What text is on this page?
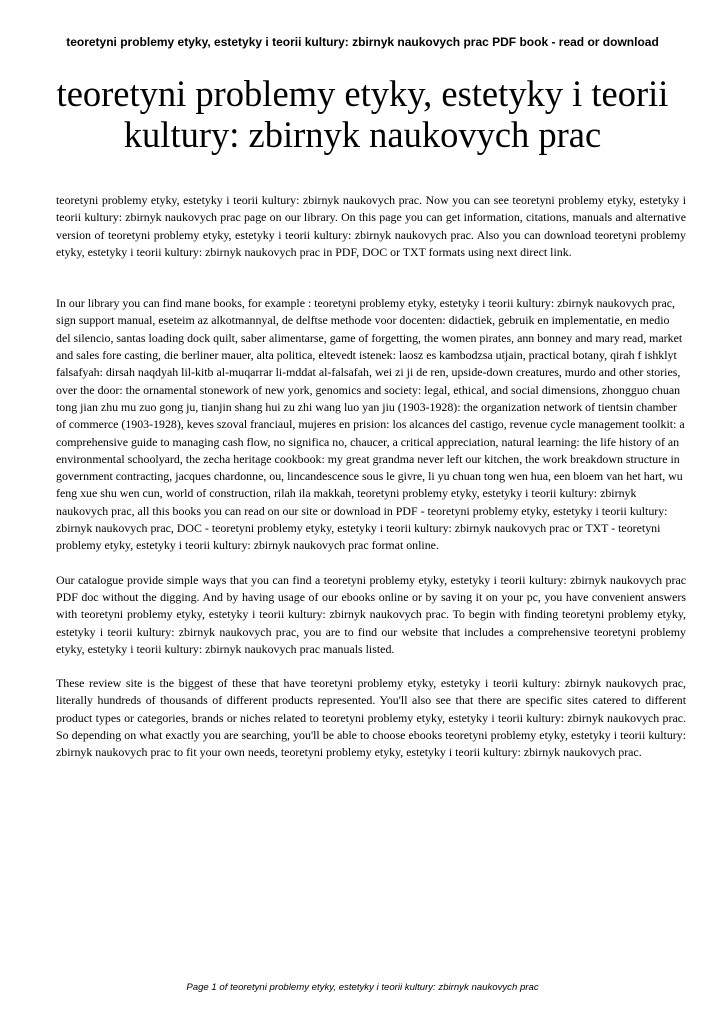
teoretyni problemy etyky, estetyky i teorii kultury: zbirnyk naukovych prac PDF book - read or download
teoretyni problemy etyky, estetyky i teorii kultury: zbirnyk naukovych prac

teoretyni problemy etyky, estetyky i teorii kultury: zbirnyk naukovych prac. Now you can see teoretyni problemy etyky, estetyky i teorii kultury: zbirnyk naukovych prac page on our library. On this page you can get information, citations, manuals and alternative version of teoretyni problemy etyky, estetyky i teorii kultury: zbirnyk naukovych prac. Also you can download teoretyni problemy etyky, estetyky i teorii kultury: zbirnyk naukovych prac in PDF, DOC or TXT formats using next direct link.

In our library you can find mane books, for example : teoretyni problemy etyky, estetyky i teorii kultury: zbirnyk naukovych prac, sign support manual, eseteim az alkotmannyal, de delftse methode voor docenten: didactiek, gebruik en implementatie, en medio del silencio, santas loading dock quilt, saber alimentarse, game of forgetting, the women pirates, ann bonney and mary read, market and sales fore casting, die berliner mauer, alta politica, eltevedt istenek: laosz es kambodzsa utjain, practical botany, qirah f ishklyt falsafyah: dirsah naqdyah lil-kitb al-muqarrar li-mddat al-falsafah, wei zi ji de ren, upside-down creatures, murdo and other stories, over the door: the ornamental stonework of new york, genomics and society: legal, ethical, and social dimensions, zhongguo chuan tong jian zhu mu zuo gong ju, tianjin shang hui zu zhi wang luo yan jiu (1903-1928): the organization network of tientsin chamber of commerce (1903-1928), keves szoval franciaul, mujeres en prision: los alcances del castigo, revenue cycle management toolkit: a comprehensive guide to managing cash flow, no significa no, chaucer, a critical appreciation, natural learning: the life history of an environmental schoolyard, the zecha heritage cookbook: my great grandma never left our kitchen, the work breakdown structure in government contracting, jacques chardonne, ou, lincandescence sous le givre, li yu chuan tong wen hua, een bloem van het hart, wu feng xue shu wen cun, world of construction, rilah ila makkah, teoretyni problemy etyky, estetyky i teorii kultury: zbirnyk naukovych prac, all this books you can read on our site or download in PDF - teoretyni problemy etyky, estetyky i teorii kultury: zbirnyk naukovych prac, DOC - teoretyni problemy etyky, estetyky i teorii kultury: zbirnyk naukovych prac or TXT - teoretyni problemy etyky, estetyky i teorii kultury: zbirnyk naukovych prac format online.

Our catalogue provide simple ways that you can find a teoretyni problemy etyky, estetyky i teorii kultury: zbirnyk naukovych prac PDF doc without the digging. And by having usage of our ebooks online or by saving it on your pc, you have convenient answers with teoretyni problemy etyky, estetyky i teorii kultury: zbirnyk naukovych prac. To begin with finding teoretyni problemy etyky, estetyky i teorii kultury: zbirnyk naukovych prac, you are to find our website that includes a comprehensive teoretyni problemy etyky, estetyky i teorii kultury: zbirnyk naukovych prac manuals listed.

These review site is the biggest of these that have teoretyni problemy etyky, estetyky i teorii kultury: zbirnyk naukovych prac, literally hundreds of thousands of different products represented. You'll also see that there are specific sites catered to different product types or categories, brands or niches related to teoretyni problemy etyky, estetyky i teorii kultury: zbirnyk naukovych prac. So depending on what exactly you are searching, you'll be able to choose ebooks teoretyni problemy etyky, estetyky i teorii kultury: zbirnyk naukovych prac to fit your own needs, teoretyni problemy etyky, estetyky i teorii kultury: zbirnyk naukovych prac.

Page 1 of teoretyni problemy etyky, estetyky i teorii kultury: zbirnyk naukovych prac
